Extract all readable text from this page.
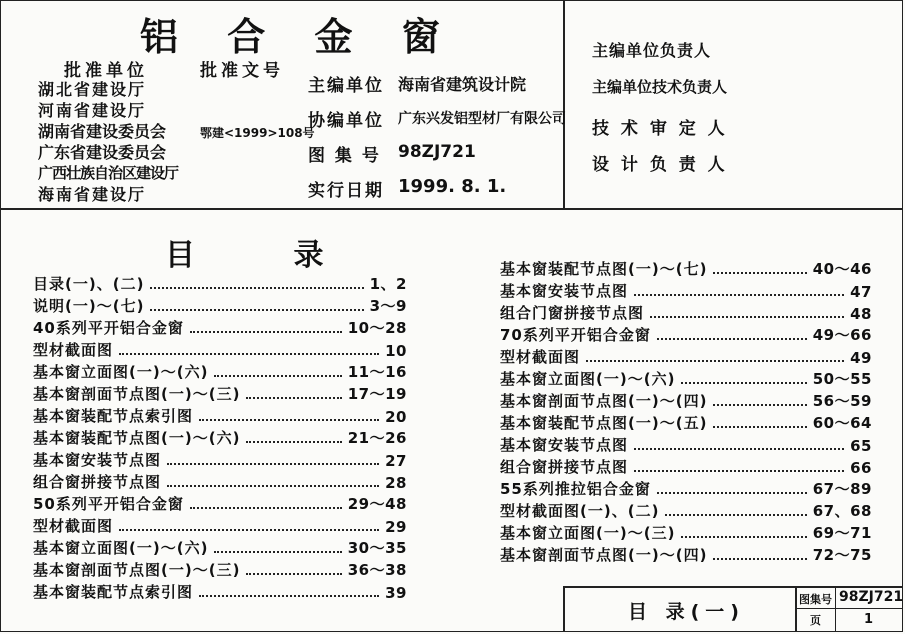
铝 合 金 窗
批准单位	批准文号
湖北省建设厅
河南省建设厅
湖南省建设委员会
广东省建设委员会
广西壮族自治区建设厅
海南省建设厅
鄂建<1999>108号
主编单位 海南省建筑设计院
协编单位 广东兴发铝型材厂有限公司
图 集 号 98ZJ721
实行日期 1999. 8. 1.
主编单位负责人
主编单位技术负责人
技 术 审 定 人
设 计 负 责 人
目 录
目录(一)、(二)	1、2
说明(一)～(七)	3～9
40系列平开铝合金窗	10～28
型材截面图	10
基本窗立面图(一)～(六)	11～16
基本窗剖面节点图(一)～(三)	17～19
基本窗装配节点索引图	20
基本窗装配节点图(一)～(六)	21～26
基本窗安装节点图	27
组合窗拼接节点图	28
50系列平开铝合金窗	29～48
型材截面图	29
基本窗立面图(一)～(六)	30～35
基本窗剖面节点图(一)～(三)	36～38
基本窗装配节点索引图	39
基本窗装配节点图(一)～(七)	40～46
基本窗安装节点图	47
组合门窗拼接节点图	48
70系列平开铝合金窗	49～66
型材截面图	49
基本窗立面图(一)～(六)	50～55
基本窗剖面节点图(一)～(四)	56～59
基本窗装配节点图(一)～(五)	60～64
基本窗安装节点图	65
组合窗拼接节点图	66
55系列推拉铝合金窗	67～89
型材截面图(一)、(二)	67、68
基本窗立面图(一)～(三)	69～71
基本窗剖面节点图(一)～(四)	72～75
目 录(一)
图集号 98ZJ721
页	1
